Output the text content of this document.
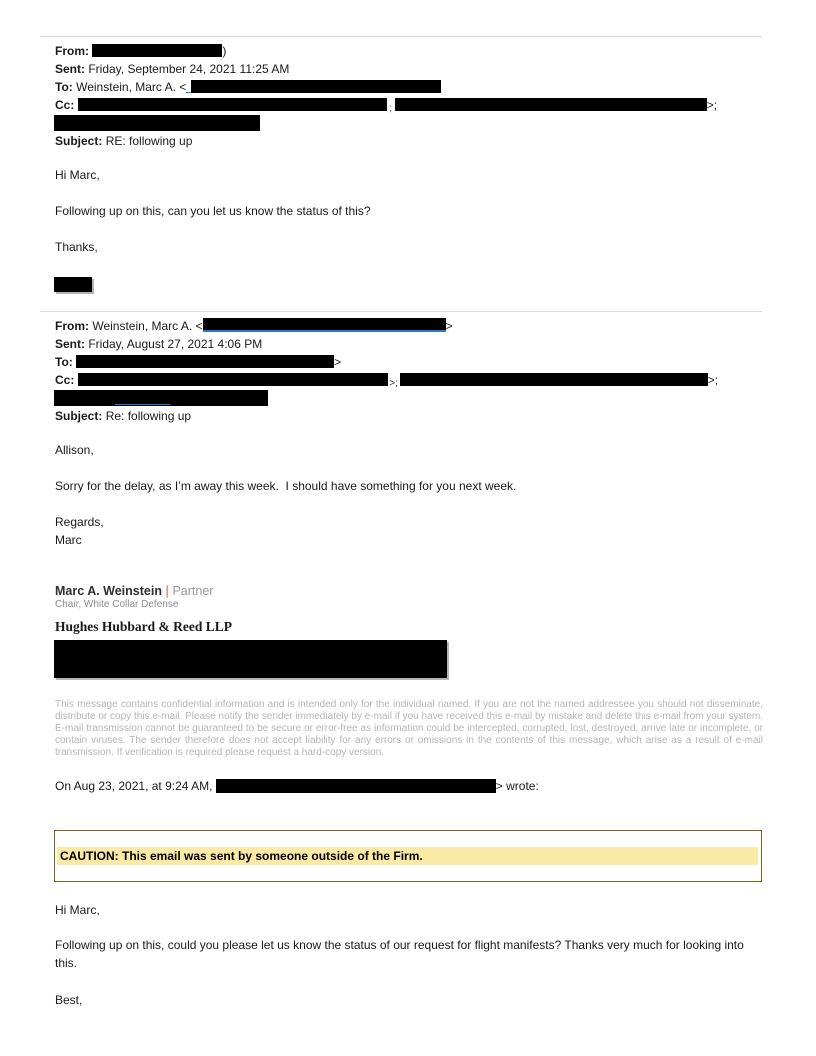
From:	)
Sent: Friday, September 24, 2021 11:25 AM
To: Weinstein, Marc A. <
Cc:	;	>;
Subject: RE: following up
Hi Marc,
Following up on this, can you let us know the status of this?
Thanks,
From: Weinstein, Marc A. <	>
Sent: Friday, August 27, 2021 4:06 PM
To:	>
Cc:	>;	>;
Subject: Re: following up
Allison,
Sorry for the delay, as I’m away this week.  I should have something for you next week.
Regards,
Marc
Marc A. Weinstein | Partner
Chair, White Collar Defense
Hughes Hubbard & Reed LLP
This message contains confidential information and is intended only for the individual named. If you are not the named addressee you should not disseminate, distribute or copy this e-mail. Please notify the sender immediately by e-mail if you have received this e-mail by mistake and delete this e-mail from your system. E-mail transmission cannot be guaranteed to be secure or error-free as information could be intercepted, corrupted, lost, destroyed, arrive late or incomplete, or contain viruses. The sender therefore does not accept liability for any errors or omissions in the contents of this message, which arise as a result of e-mail transmission. If verification is required please request a hard-copy version.
On Aug 23, 2021, at 9:24 AM,	> wrote:
CAUTION: This email was sent by someone outside of the Firm.
Hi Marc,
Following up on this, could you please let us know the status of our request for flight manifests? Thanks very much for looking into this.
Best,
